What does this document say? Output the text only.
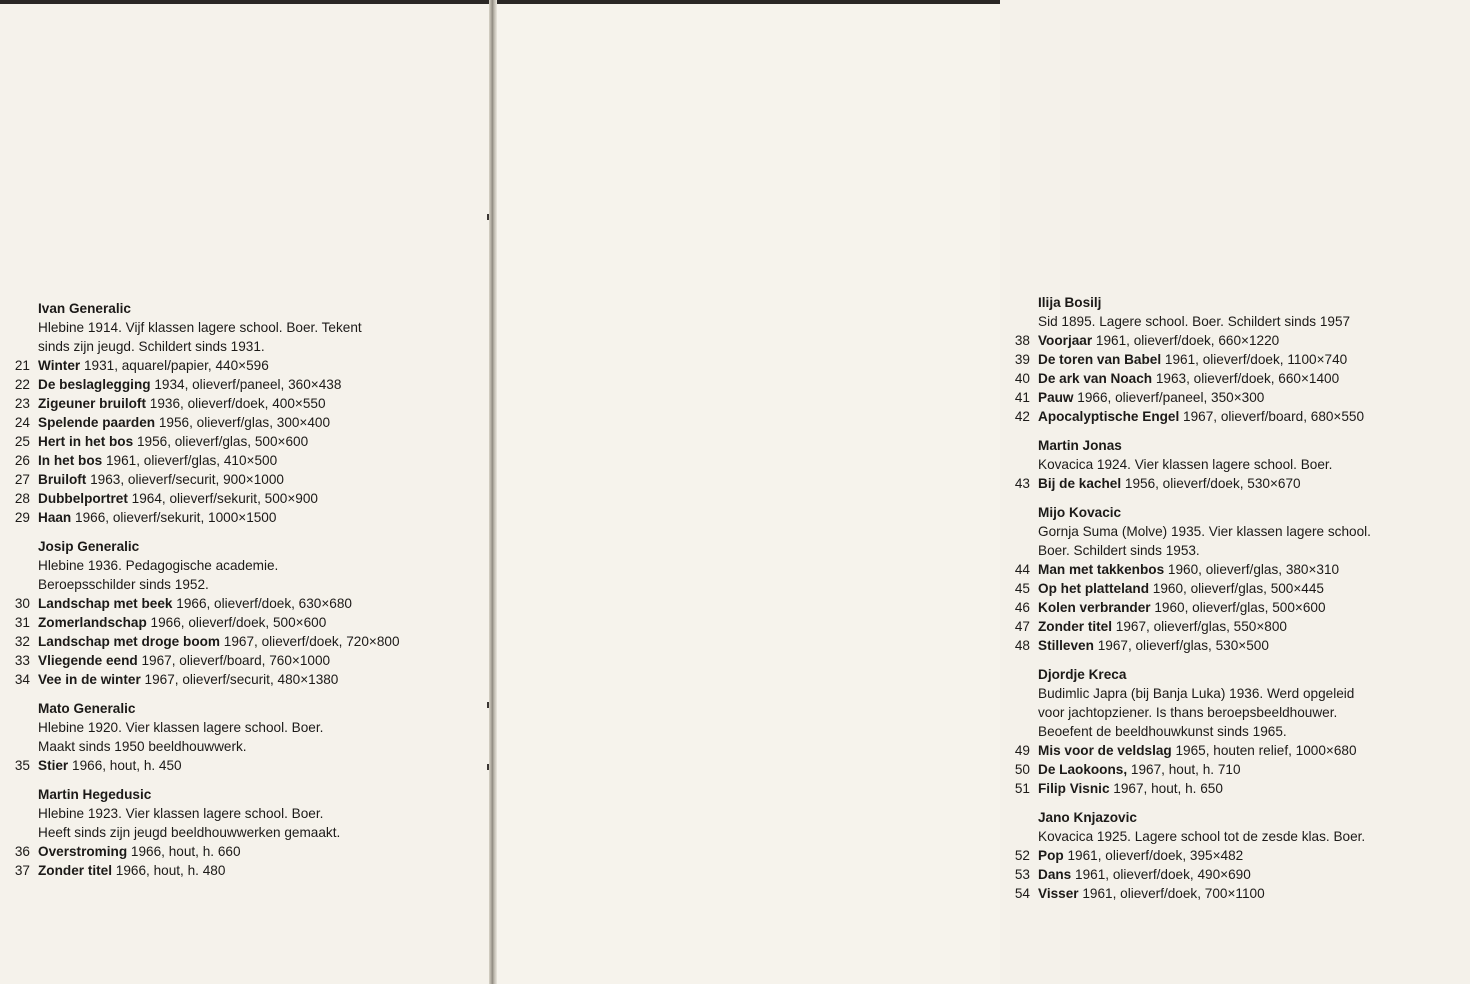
Ivan Generalic
Hlebine 1914. Vijf klassen lagere school. Boer. Tekent
sinds zijn jeugd. Schildert sinds 1931.
21 Winter 1931, aquarel/papier, 440×596
22 De beslaglegging 1934, olieverf/paneel, 360×438
23 Zigeuner bruiloft 1936, olieverf/doek, 400×550
24 Spelende paarden 1956, olieverf/glas, 300×400
25 Hert in het bos 1956, olieverf/glas, 500×600
26 In het bos 1961, olieverf/glas, 410×500
27 Bruiloft 1963, olieverf/securit, 900×1000
28 Dubbelportret 1964, olieverf/sekurit, 500×900
29 Haan 1966, olieverf/sekurit, 1000×1500
Josip Generalic
Hlebine 1936. Pedagogische academie.
Beroepsschilder sinds 1952.
30 Landschap met beek 1966, olieverf/doek, 630×680
31 Zomerlandschap 1966, olieverf/doek, 500×600
32 Landschap met droge boom 1967, olieverf/doek, 720×800
33 Vliegende eend 1967, olieverf/board, 760×1000
34 Vee in de winter 1967, olieverf/securit, 480×1380
Mato Generalic
Hlebine 1920. Vier klassen lagere school. Boer.
Maakt sinds 1950 beeldhouwwerk.
35 Stier 1966, hout, h. 450
Martin Hegedusic
Hlebine 1923. Vier klassen lagere school. Boer.
Heeft sinds zijn jeugd beeldhouwwerken gemaakt.
36 Overstroming 1966, hout, h. 660
37 Zonder titel 1966, hout, h. 480
Ilija Bosilj
Sid 1895. Lagere school. Boer. Schildert sinds 1957
38 Voorjaar 1961, olieverf/doek, 660×1220
39 De toren van Babel 1961, olieverf/doek, 1100×740
40 De ark van Noach 1963, olieverf/doek, 660×1400
41 Pauw 1966, olieverf/paneel, 350×300
42 Apocalyptische Engel 1967, olieverf/board, 680×550
Martin Jonas
Kovacica 1924. Vier klassen lagere school. Boer.
43 Bij de kachel 1956, olieverf/doek, 530×670
Mijo Kovacic
Gornja Suma (Molve) 1935. Vier klassen lagere school.
Boer. Schildert sinds 1953.
44 Man met takkenbos 1960, olieverf/glas, 380×310
45 Op het platteland 1960, olieverf/glas, 500×445
46 Kolen verbrander 1960, olieverf/glas, 500×600
47 Zonder titel 1967, olieverf/glas, 550×800
48 Stilleven 1967, olieverf/glas, 530×500
Djordje Kreca
Budimlic Japra (bij Banja Luka) 1936. Werd opgeleid
voor jachtopziener. Is thans beroepsbeeldhouwer.
Beoefent de beeldhouwkunst sinds 1965.
49 Mis voor de veldslag 1965, houten relief, 1000×680
50 De Laokoons, 1967, hout, h. 710
51 Filip Visnic 1967, hout, h. 650
Jano Knjazovic
Kovacica 1925. Lagere school tot de zesde klas. Boer.
52 Pop 1961, olieverf/doek, 395×482
53 Dans 1961, olieverf/doek, 490×690
54 Visser 1961, olieverf/doek, 700×1100
